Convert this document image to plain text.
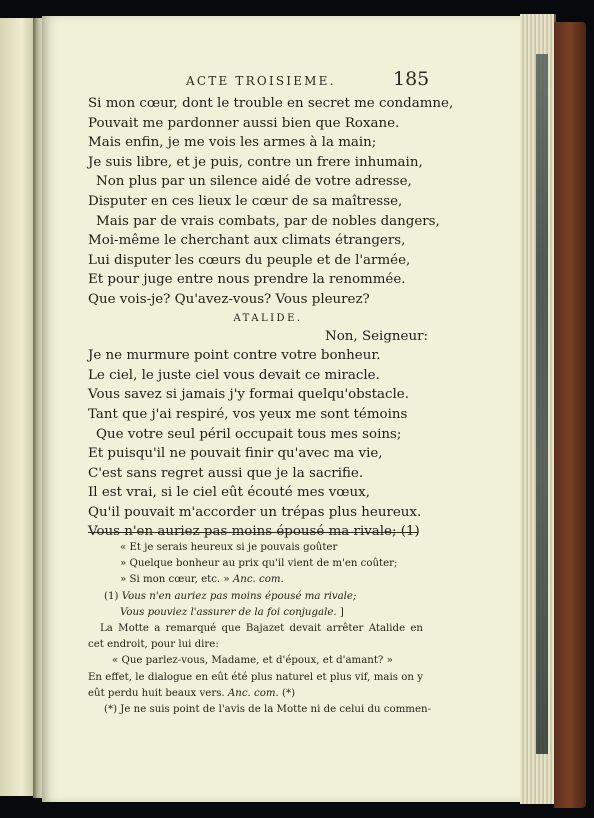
ACTE TROISIEME.	185
Si mon cœur, dont le trouble en secret me condamne,
Pouvait me pardonner aussi bien que Roxane.
Mais enfin, je me vois les armes à la main;
Je suis libre, et je puis, contre un frere inhumain,
Non plus par un silence aidé de votre adresse,
Disputer en ces lieux le cœur de sa maîtresse,
Mais par de vrais combats, par de nobles dangers,
Moi-même le cherchant aux climats étrangers,
Lui disputer les cœurs du peuple et de l'armée,
Et pour juge entre nous prendre la renommée.
Que vois-je? Qu'avez-vous? Vous pleurez?
ATALIDE.
Non, Seigneur:
Je ne murmure point contre votre bonheur.
Le ciel, le juste ciel vous devait ce miracle.
Vous savez si jamais j'y formai quelqu'obstacle.
Tant que j'ai respiré, vos yeux me sont témoins
Que votre seul péril occupait tous mes soins;
Et puisqu'il ne pouvait finir qu'avec ma vie,
C'est sans regret aussi que je la sacrifie.
Il est vrai, si le ciel eût écouté mes vœux,
Qu'il pouvait m'accorder un trépas plus heureux.
Vous n'en auriez pas moins épousé ma rivale; (1)
« Et je serais heureux si je pouvais goûter
» Quelque bonheur au prix qu'il vient de m'en coûter;
» Si mon cœur, etc. » Anc. com.
(1) Vous n'en auriez pas moins épousé ma rivale;
Vous pouviez l'assurer de la foi conjugale. ]
La Motte a remarqué que Bajazet devait arrêter Atalide en cet endroit, pour lui dire:
« Que parlez-vous, Madame, et d'époux, et d'amant? »
En effet, le dialogue en eût été plus naturel et plus vif, mais on y eût perdu huit beaux vers. Anc. com. (*)
(*) Je ne suis point de l'avis de la Motte ni de celui du commen-
